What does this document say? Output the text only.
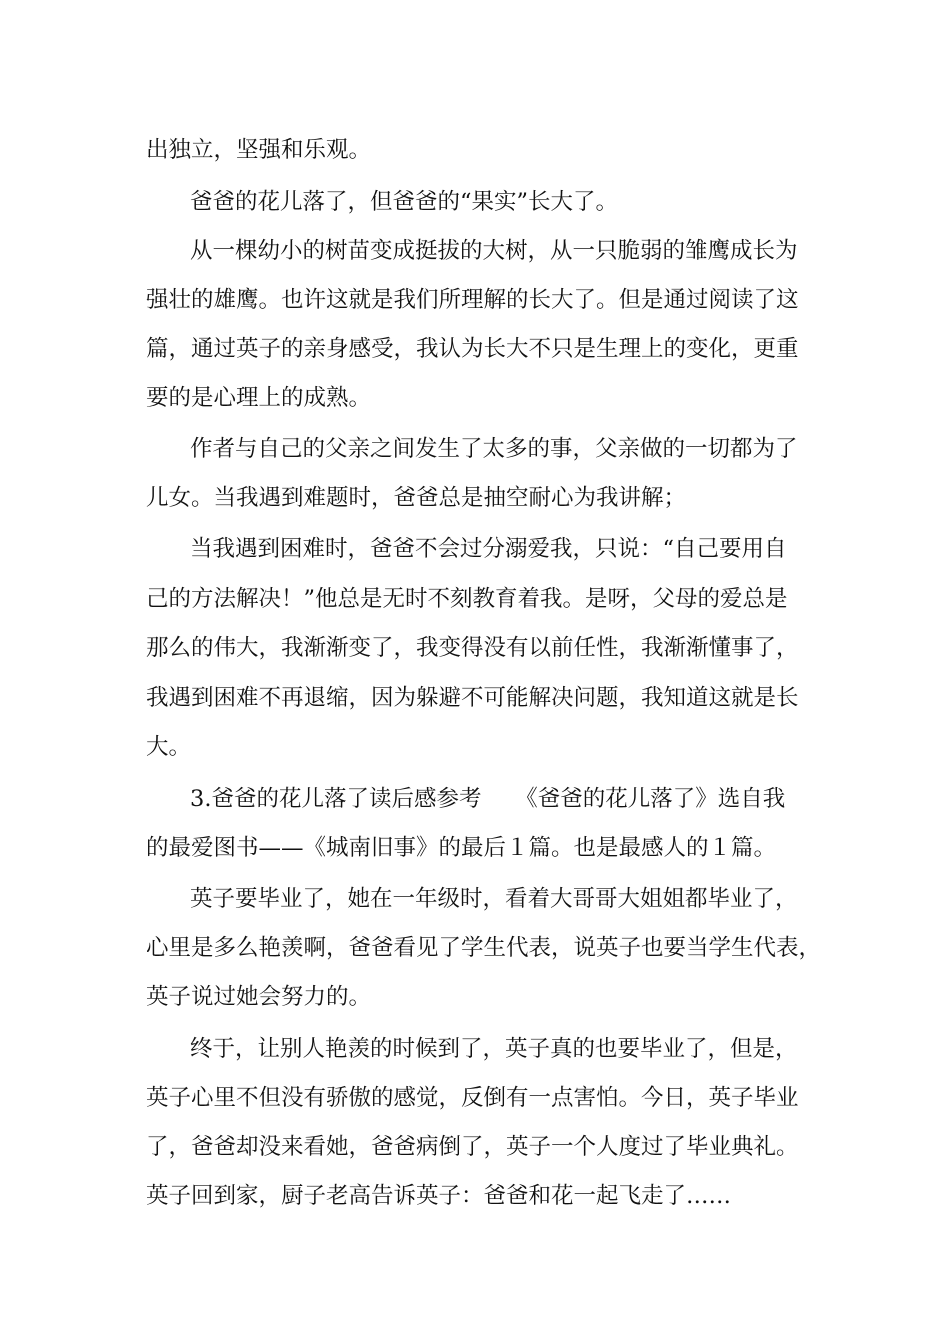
出独立，坚强和乐观。
爸爸的花儿落了，但爸爸的“果实”长大了。
从一棵幼小的树苗变成挺拔的大树，从一只脆弱的雏鹰成长为
强壮的雄鹰。也许这就是我们所理解的长大了。但是通过阅读了这
篇，通过英子的亲身感受，我认为长大不只是生理上的变化，更重
要的是心理上的成熟。
作者与自己的父亲之间发生了太多的事，父亲做的一切都为了
儿女。当我遇到难题时，爸爸总是抽空耐心为我讲解；
当我遇到困难时，爸爸不会过分溺爱我，只说：“自己要用自
己的方法解决！”他总是无时不刻教育着我。是呀，父母的爱总是
那么的伟大，我渐渐变了，我变得没有以前任性，我渐渐懂事了，
我遇到困难不再退缩，因为躲避不可能解决问题，我知道这就是长
大。
3.爸爸的花儿落了读后感参考　　《爸爸的花儿落了》选自我
的最爱图书——《城南旧事》的最后１篇。也是最感人的１篇。
英子要毕业了，她在一年级时，看着大哥哥大姐姐都毕业了，
心里是多么艳羡啊，爸爸看见了学生代表，说英子也要当学生代表，
英子说过她会努力的。
终于，让别人艳羡的时候到了，英子真的也要毕业了，但是，
英子心里不但没有骄傲的感觉，反倒有一点害怕。今日，英子毕业
了，爸爸却没来看她，爸爸病倒了，英子一个人度过了毕业典礼。
英子回到家，厨子老高告诉英子：爸爸和花一起飞走了……
